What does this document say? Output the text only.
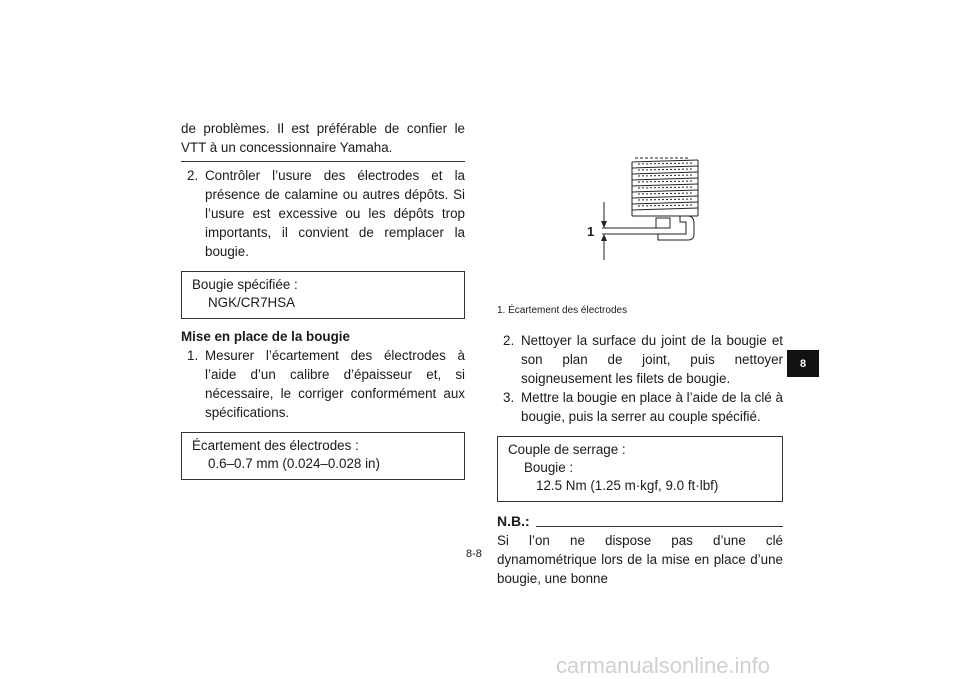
de problèmes. Il est préférable de confier le VTT à un concessionnaire Yamaha.

2. Contrôler l’usure des électrodes et la présence de calamine ou autres dépôts. Si l’usure est excessive ou les dépôts trop importants, il convient de remplacer la bougie.

Bougie spécifiée :
NGK/CR7HSA

Mise en place de la bougie

1. Mesurer l’écartement des électrodes à l’aide d’un calibre d’épaisseur et, si nécessaire, le corriger conformément aux spécifications.

Écartement des électrodes :
0.6–0.7 mm (0.024–0.028 in)
1
1. Écartement des électrodes

2. Nettoyer la surface du joint de la bougie et son plan de joint, puis nettoyer soigneusement les filets de bougie.

3. Mettre la bougie en place à l’aide de la clé à bougie, puis la serrer au couple spécifié.

Couple de serrage :
Bougie :
12.5 Nm (1.25 m·kgf, 9.0 ft·lbf)
N.B.:

Si l’on ne dispose pas d’une clé dynamométrique lors de la mise en place d’une bougie, une bonne

8
8-8
carmanualsonline.info
